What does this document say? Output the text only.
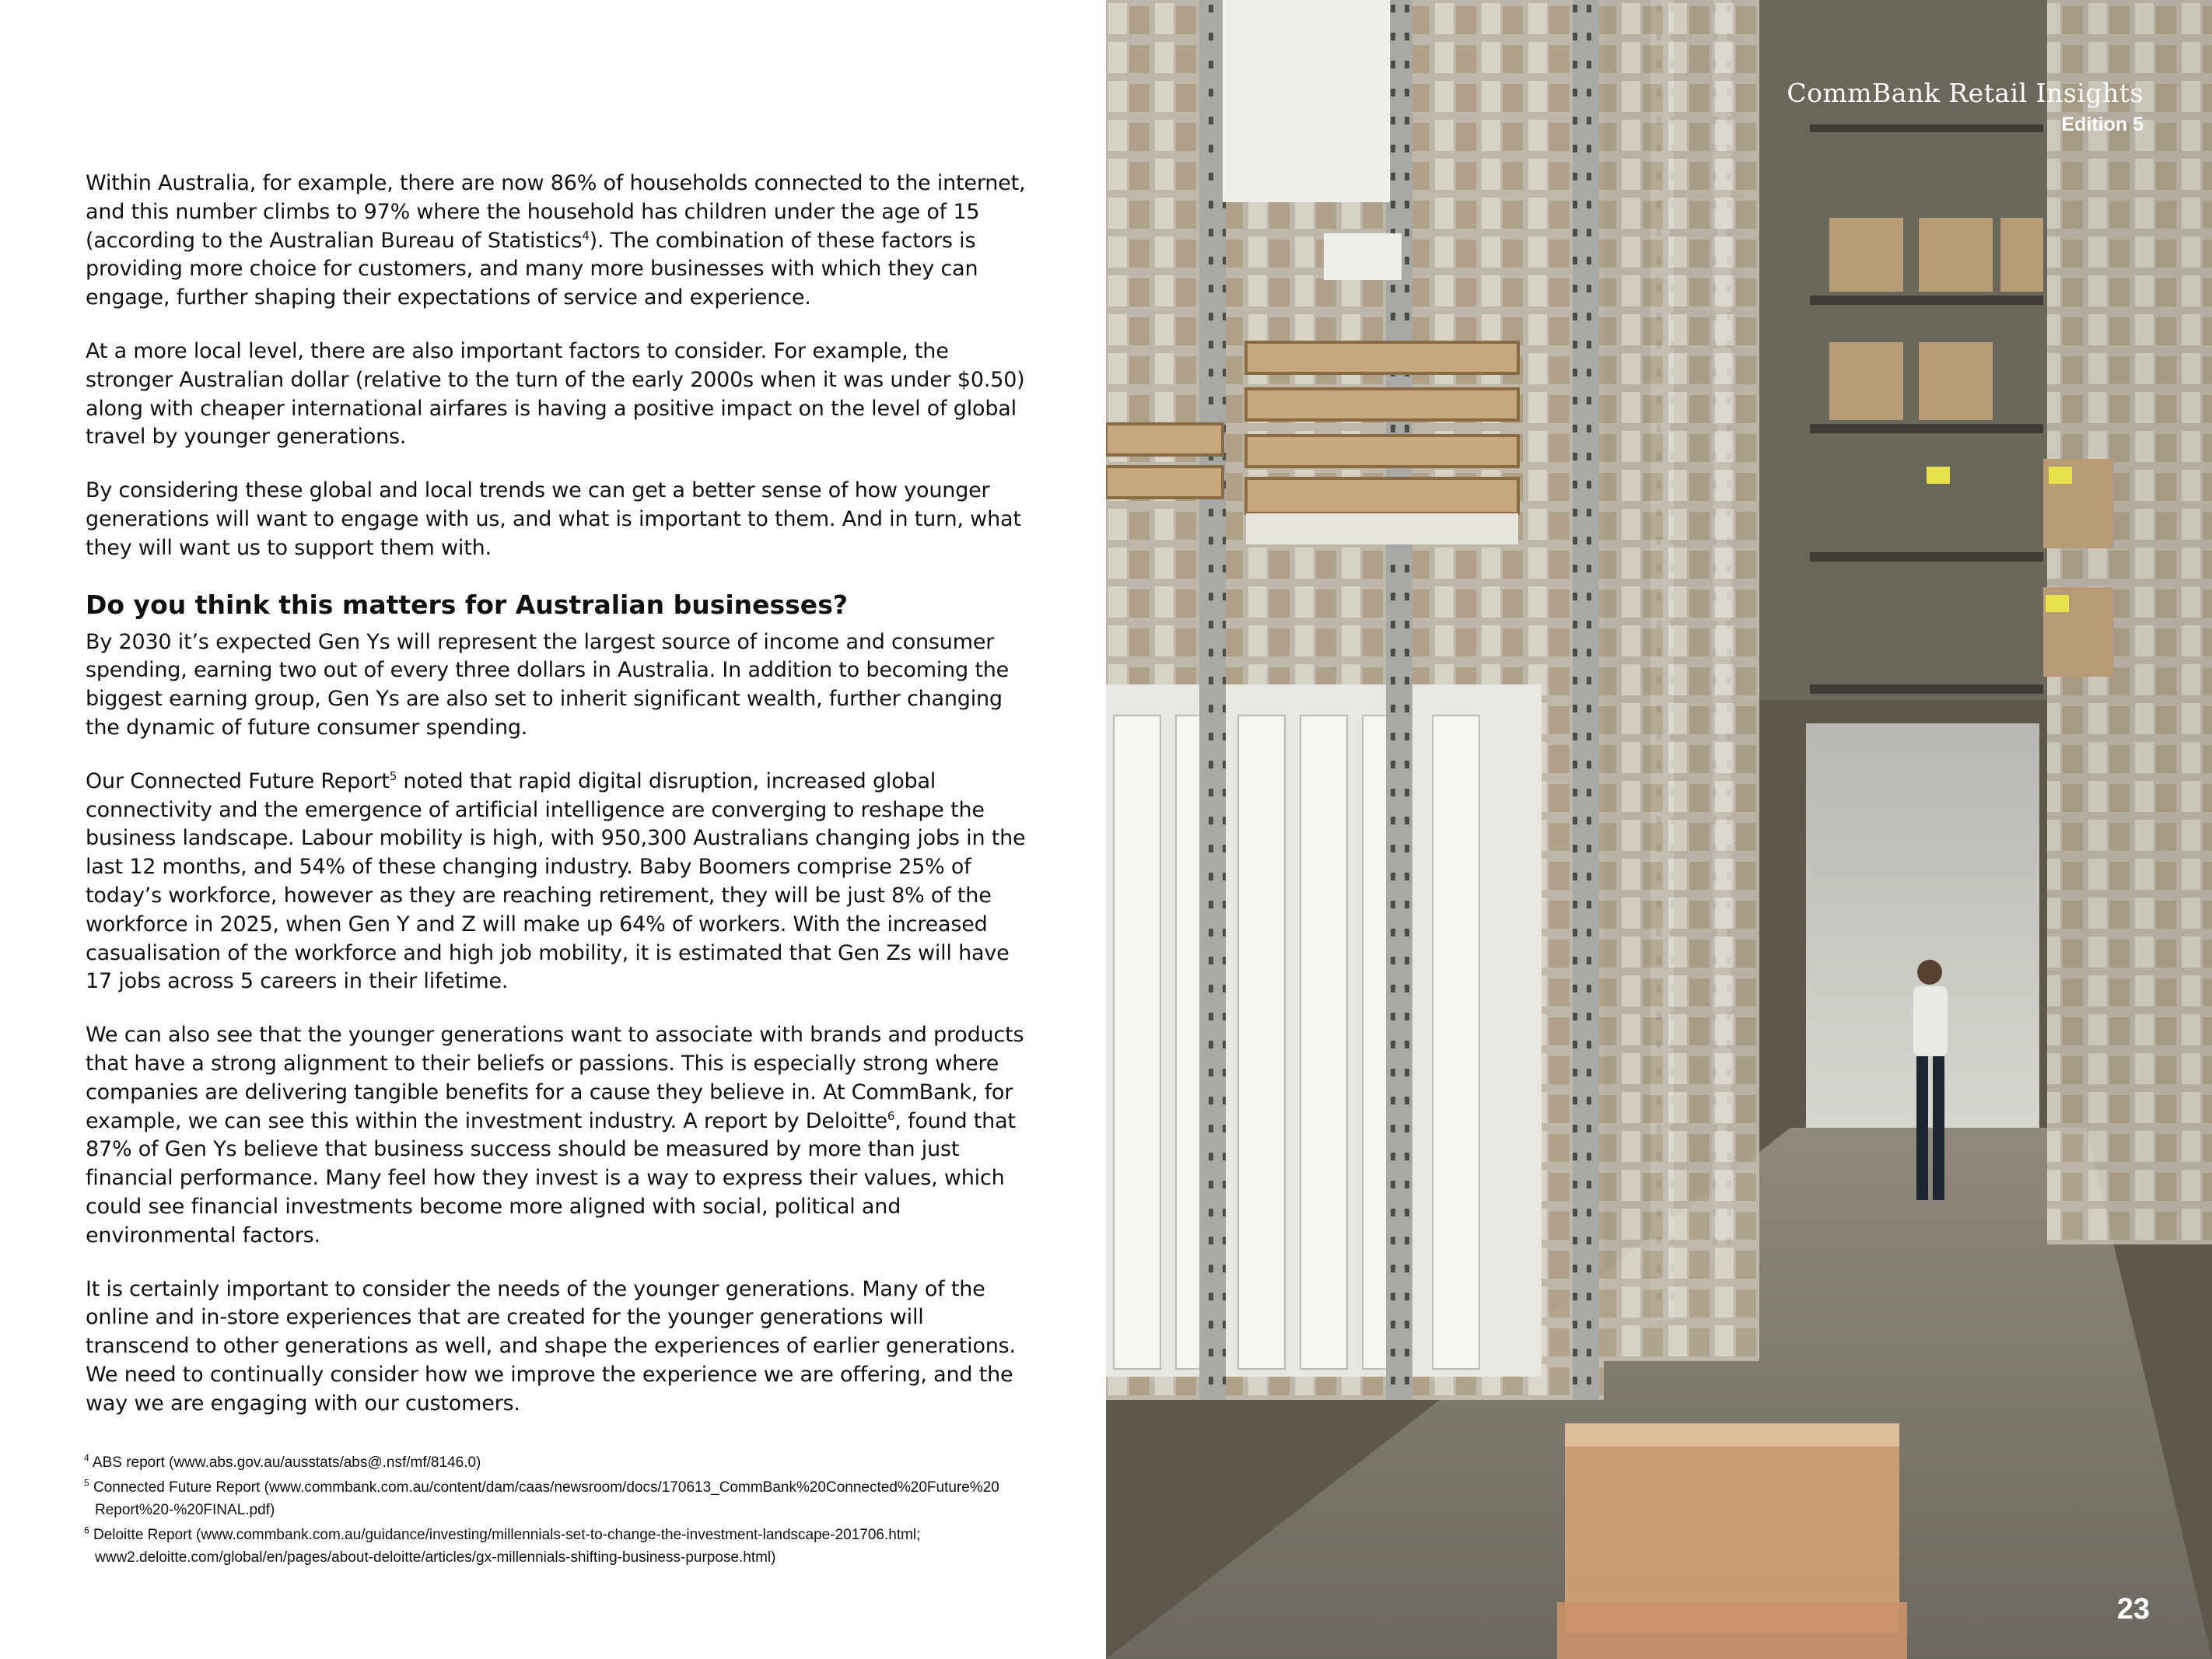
Within Australia, for example, there are now 86% of households connected to the internet, and this number climbs to 97% where the household has children under the age of 15 (according to the Australian Bureau of Statistics$^4$). The combination of these factors is providing more choice for customers, and many more businesses with which they can engage, further shaping their expectations of service and experience.

At a more local level, there are also important factors to consider. For example, the stronger Australian dollar (relative to the turn of the early 2000s when it was under $0.50) along with cheaper international airfares is having a positive impact on the level of global travel by younger generations.

By considering these global and local trends we can get a better sense of how younger generations will want to engage with us, and what is important to them. And in turn, what they will want us to support them with.

Do you think this matters for Australian businesses?

By 2030 it’s expected Gen Ys will represent the largest source of income and consumer spending, earning two out of every three dollars in Australia. In addition to becoming the biggest earning group, Gen Ys are also set to inherit significant wealth, further changing the dynamic of future consumer spending.

Our Connected Future Report$^5$ noted that rapid digital disruption, increased global connectivity and the emergence of artificial intelligence are converging to reshape the business landscape. Labour mobility is high, with 950,300 Australians changing jobs in the last 12 months, and 54% of these changing industry. Baby Boomers comprise 25% of today’s workforce, however as they are reaching retirement, they will be just 8% of the workforce in 2025, when Gen Y and Z will make up 64% of workers. With the increased casualisation of the workforce and high job mobility, it is estimated that Gen Zs will have 17 jobs across 5 careers in their lifetime.

We can also see that the younger generations want to associate with brands and products that have a strong alignment to their beliefs or passions. This is especially strong where companies are delivering tangible benefits for a cause they believe in. At CommBank, for example, we can see this within the investment industry. A report by Deloitte$^6$, found that 87% of Gen Ys believe that business success should be measured by more than just financial performance. Many feel how they invest is a way to express their values, which could see financial investments become more aligned with social, political and environmental factors.

It is certainly important to consider the needs of the younger generations. Many of the online and in-store experiences that are created for the younger generations will transcend to other generations as well, and shape the experiences of earlier generations. We need to continually consider how we improve the experience we are offering, and the way we are engaging with our customers.

$^4$ ABS report (www.abs.gov.au/ausstats/abs@.nsf/mf/8146.0)
$^5$ Connected Future Report (www.commbank.com.au/content/dam/caas/newsroom/docs/170613_CommBank%20Connected%20Future%20
Report%20-%20FINAL.pdf)
$^6$ Deloitte Report (www.commbank.com.au/guidance/investing/millennials-set-to-change-the-investment-landscape-201706.html;
www2.deloitte.com/global/en/pages/about-deloitte/articles/gx-millennials-shifting-business-purpose.html)
CommBank Retail Insights
Edition 5
23
